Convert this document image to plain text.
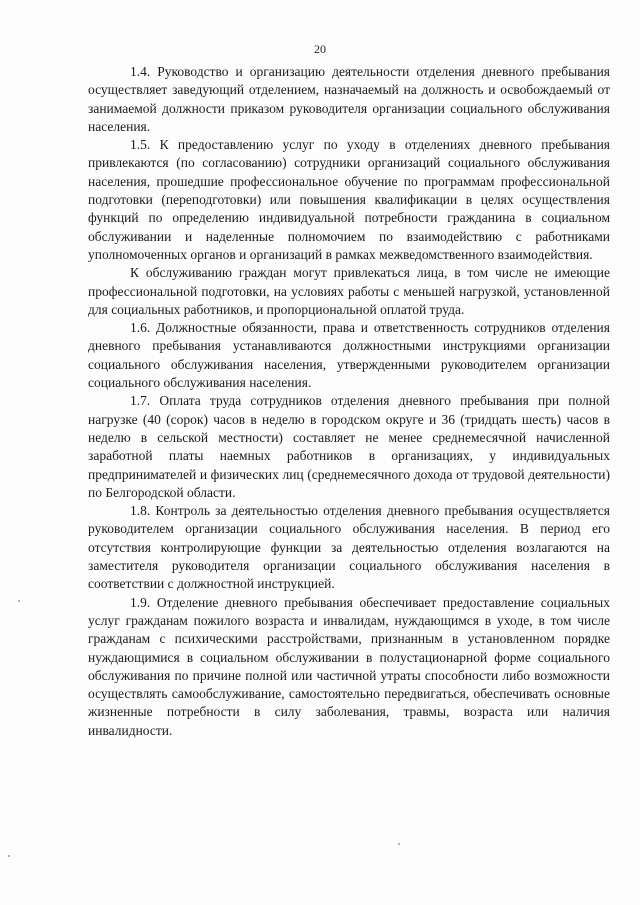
20

1.4. Руководство и организацию деятельности отделения дневного пребывания осуществляет заведующий отделением, назначаемый на должность и освобождаемый от занимаемой должности приказом руководителя организации социального обслуживания населения.

1.5. К предоставлению услуг по уходу в отделениях дневного пребывания привлекаются (по согласованию) сотрудники организаций социального обслуживания населения, прошедшие профессиональное обучение по программам профессиональной подготовки (переподготовки) или повышения квалификации в целях осуществления функций по определению индивидуальной потребности гражданина в социальном обслуживании и наделенные полномочием по взаимодействию с работниками уполномоченных органов и организаций в рамках межведомственного взаимодействия.

К обслуживанию граждан могут привлекаться лица, в том числе не имеющие профессиональной подготовки, на условиях работы с меньшей нагрузкой, установленной для социальных работников, и пропорциональной оплатой труда.

1.6. Должностные обязанности, права и ответственность сотрудников отделения дневного пребывания устанавливаются должностными инструкциями организации социального обслуживания населения, утвержденными руководителем организации социального обслуживания населения.

1.7. Оплата труда сотрудников отделения дневного пребывания при полной нагрузке (40 (сорок) часов в неделю в городском округе и 36 (тридцать шесть) часов в неделю в сельской местности) составляет не менее среднемесячной начисленной заработной платы наемных работников в организациях, у индивидуальных предпринимателей и физических лиц (среднемесячного дохода от трудовой деятельности) по Белгородской области.

1.8. Контроль за деятельностью отделения дневного пребывания осуществляется руководителем организации социального обслуживания населения. В период его отсутствия контролирующие функции за деятельностью отделения возлагаются на заместителя руководителя организации социального обслуживания населения в соответствии с должностной инструкцией.

1.9. Отделение дневного пребывания обеспечивает предоставление социальных услуг гражданам пожилого возраста и инвалидам, нуждающимся в уходе, в том числе гражданам с психическими расстройствами, признанным в установленном порядке нуждающимися в социальном обслуживании в полустационарной форме социального обслуживания по причине полной или частичной утраты способности либо возможности осуществлять самообслуживание, самостоятельно передвигаться, обеспечивать основные жизненные потребности в силу заболевания, травмы, возраста или наличия инвалидности.
